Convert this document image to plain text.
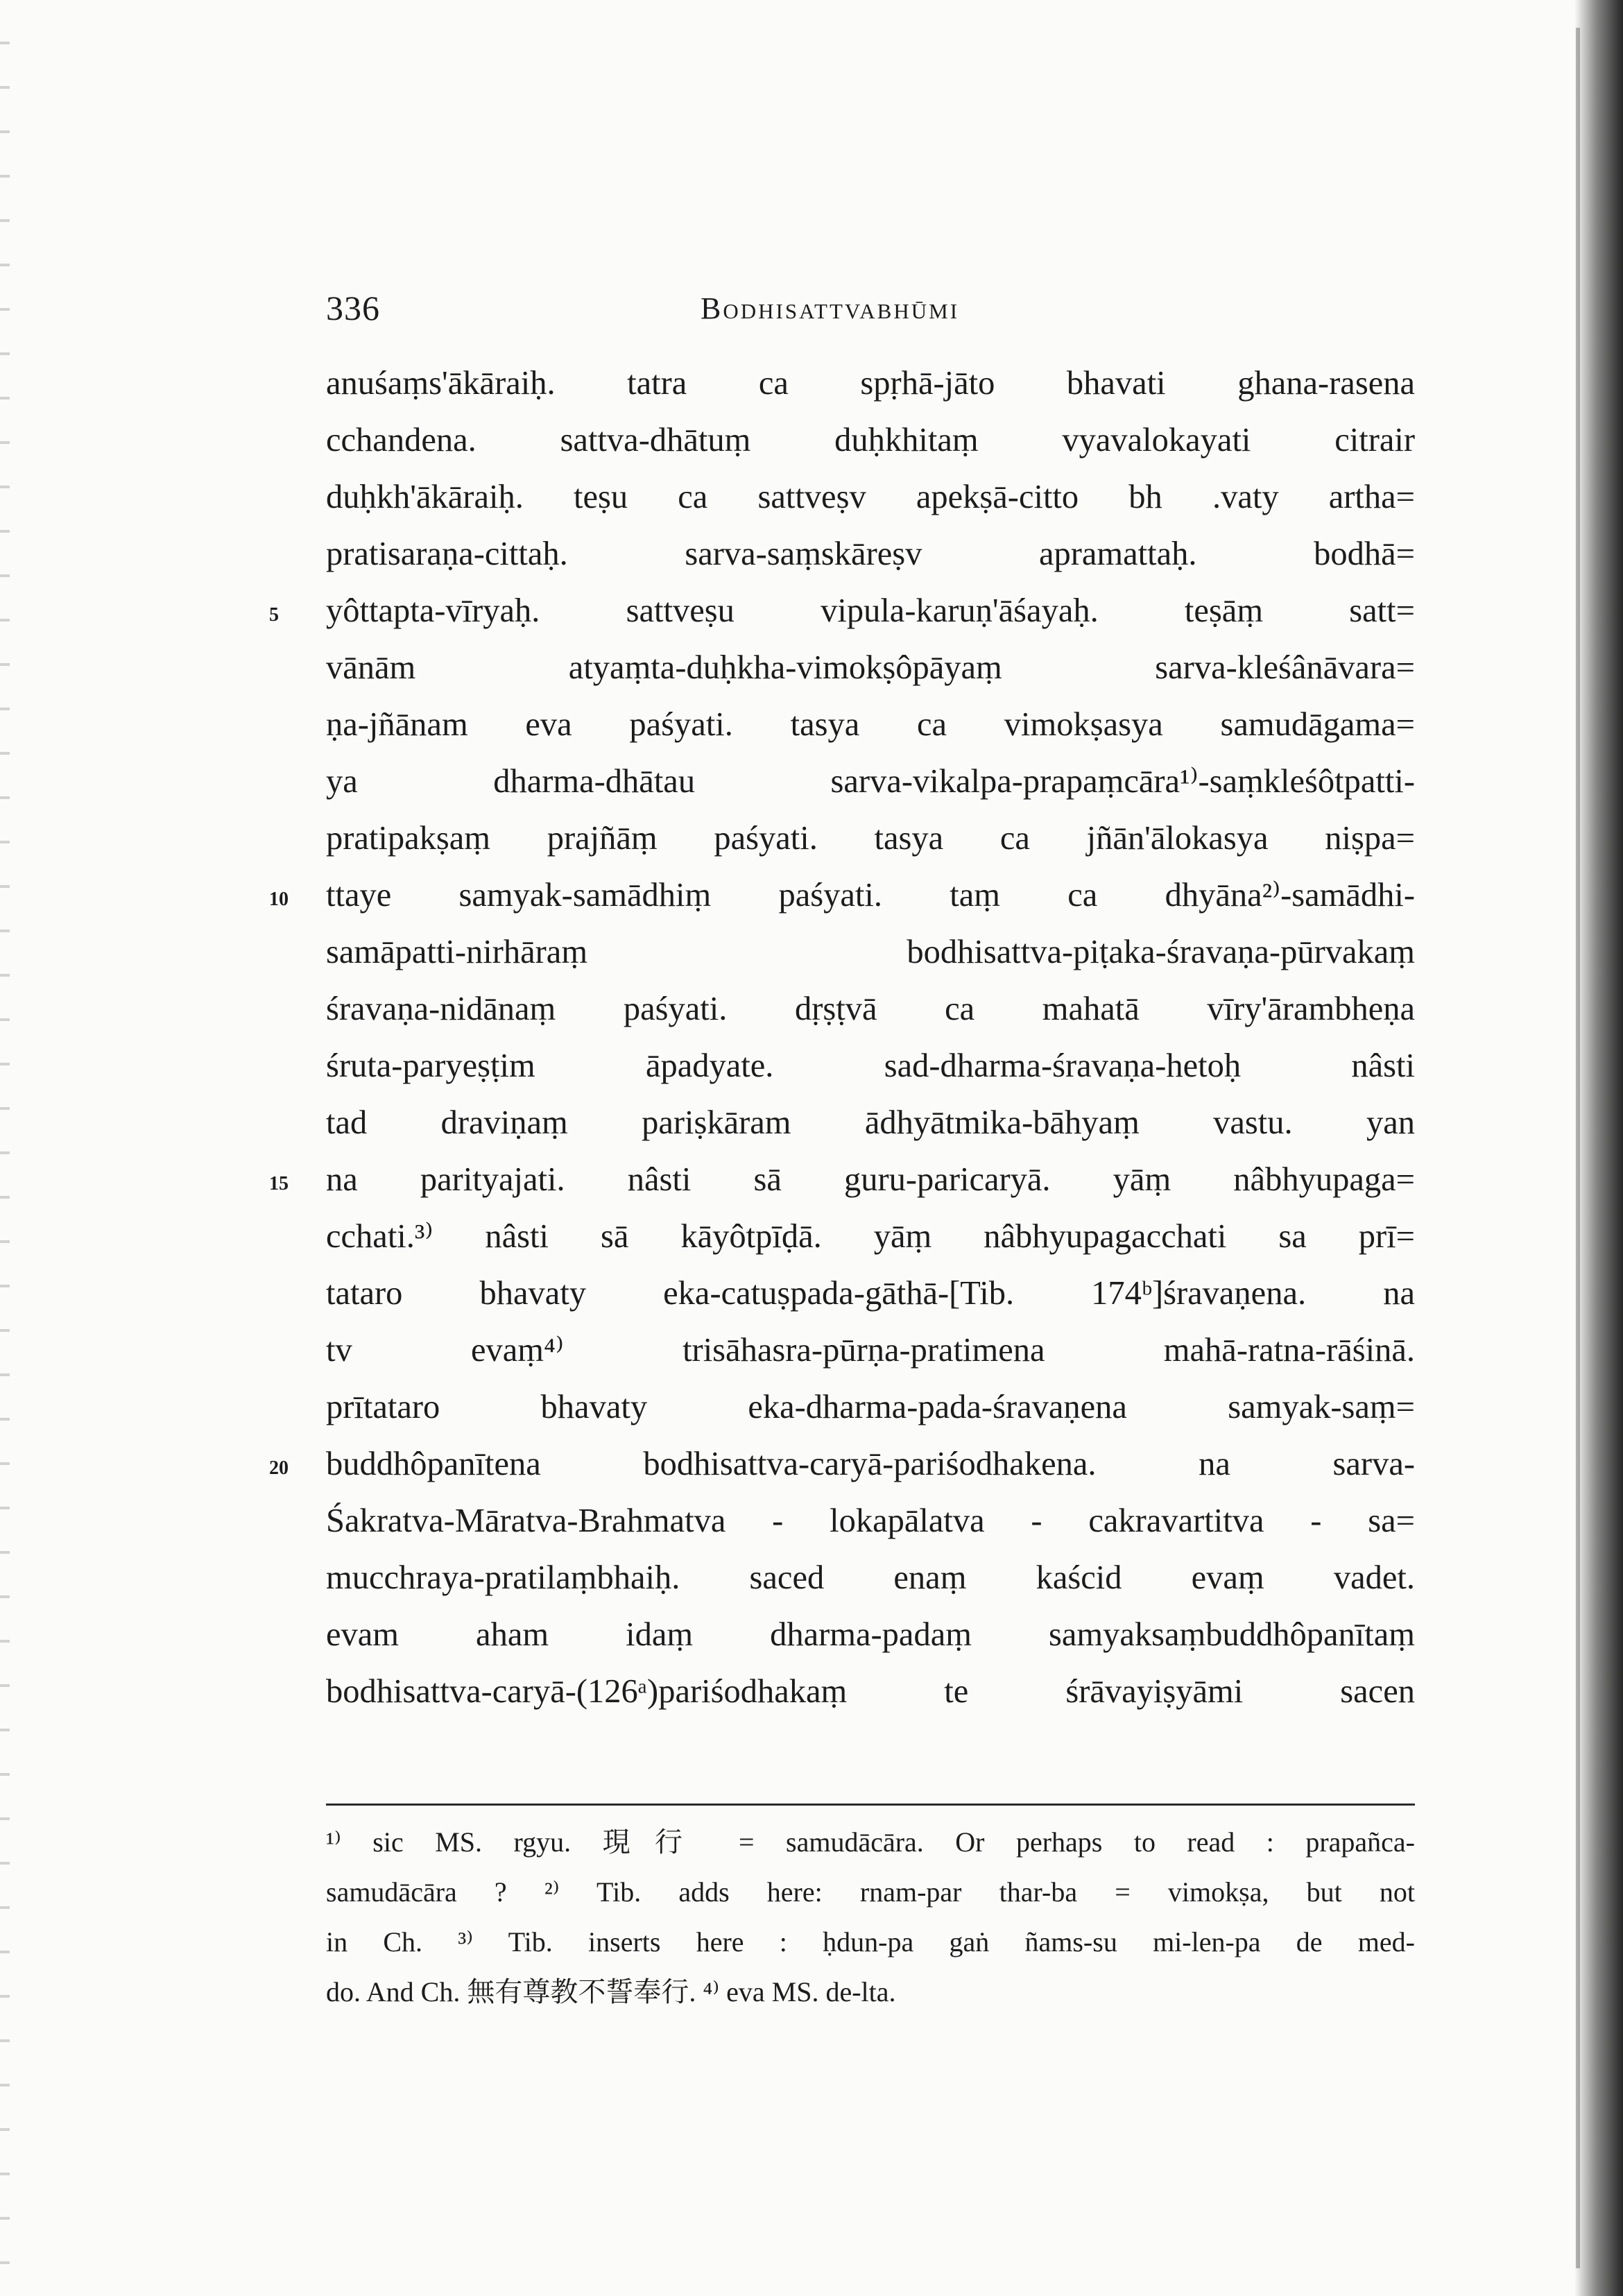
336	Bodhisattvabhūmi
5
10
15
20
anuśaṃs'ākāraiḥ. tatra ca spṛhā-jāto bhavati ghana-rasena
cchandena. sattva-dhātuṃ duḥkhitaṃ vyavalokayati citrair
duḥkh'ākāraiḥ. teṣu ca sattveṣv apekṣā-citto bh .vaty artha=
pratisaraṇa-cittaḥ. sarva-saṃskāreṣv apramattaḥ. bodhā=
yôttapta-vīryaḥ. sattveṣu vipula-karuṇ'āśayaḥ. teṣāṃ satt=
vānām atyaṃta-duḥkha-vimokṣôpāyaṃ sarva-kleśânāvara=
ṇa-jñānam eva paśyati. tasya ca vimokṣasya samudāgama=
ya dharma-dhātau sarva-vikalpa-prapaṃcāra¹⁾-saṃkleśôtpatti-
pratipakṣaṃ prajñāṃ paśyati. tasya ca jñān'ālokasya niṣpa=
ttaye samyak-samādhiṃ paśyati. taṃ ca dhyāna²⁾-samādhi-
samāpatti-nirhāraṃ bodhisattva-piṭaka-śravaṇa-pūrvakaṃ
śravaṇa-nidānaṃ paśyati. dṛṣṭvā ca mahatā vīry'ārambheṇa
śruta-paryeṣṭim āpadyate. sad-dharma-śravaṇa-hetoḥ nâsti
tad draviṇaṃ pariṣkāram ādhyātmika-bāhyaṃ vastu. yan
na parityajati. nâsti sā guru-paricaryā. yāṃ nâbhyupaga=
cchati.³⁾ nâsti sā kāyôtpīḍā. yāṃ nâbhyupagacchati sa prī=
tataro bhavaty eka-catuṣpada-gāthā-[Tib. 174ᵇ]śravaṇena. na
tv evaṃ⁴⁾ trisāhasra-pūrṇa-pratimena mahā-ratna-rāśinā.
prītataro bhavaty eka-dharma-pada-śravaṇena samyak-saṃ=
buddhôpanītena bodhisattva-caryā-pariśodhakena. na sarva-
Śakratva-Māratva-Brahmatva - lokapālatva - cakravartitva - sa=
mucchraya-pratilaṃbhaiḥ. saced enaṃ kaścid evaṃ vadet.
evam aham idaṃ dharma-padaṃ samyaksaṃbuddhôpanītaṃ
bodhisattva-caryā-(126ᵃ)pariśodhakaṃ te śrāvayiṣyāmi sacen
¹⁾ sic MS. rgyu. 現行 = samudācāra. Or perhaps to read : prapañca-
samudācāra ? ²⁾ Tib. adds here: rnam-par thar-ba = vimokṣa, but not
in Ch. ³⁾ Tib. inserts here : ḥdun-pa gaṅ ñams-su mi-len-pa de med-
do. And Ch. 無有尊教不誓奉行. ⁴⁾ eva MS. de-lta.
